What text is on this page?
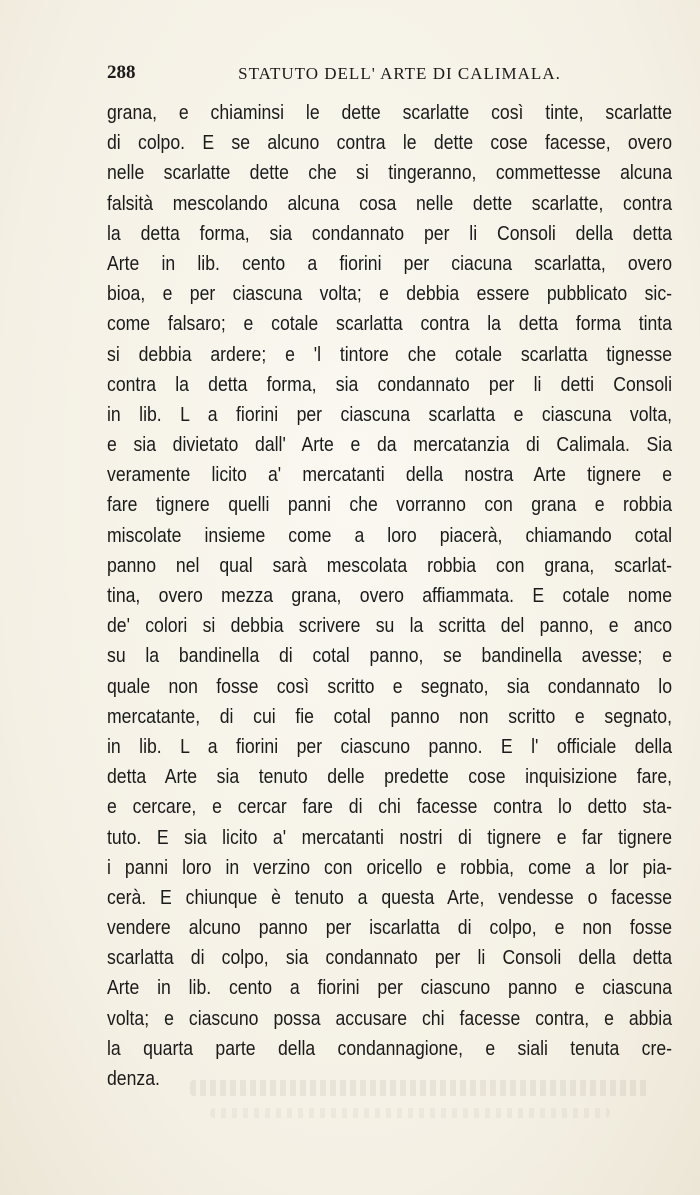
288	STATUTO DELL' ARTE DI CALIMALA.
grana, e chiaminsi le dette scarlatte così tinte, scarlatte
di colpo. E se alcuno contra le dette cose facesse, overo
nelle scarlatte dette che si tingeranno, commettesse alcuna
falsità mescolando alcuna cosa nelle dette scarlatte, contra
la detta forma, sia condannato per li Consoli della detta
Arte in lib. cento a fiorini per ciacuna scarlatta, overo
bioa, e per ciascuna volta; e debbia essere pubblicato sic-
come falsaro; e cotale scarlatta contra la detta forma tinta
si debbia ardere; e 'l tintore che cotale scarlatta tignesse
contra la detta forma, sia condannato per li detti Consoli
in lib. L a fiorini per ciascuna scarlatta e ciascuna volta,
e sia divietato dall' Arte e da mercatanzia di Calimala. Sia
veramente licito a' mercatanti della nostra Arte tignere e
fare tignere quelli panni che vorranno con grana e robbia
miscolate insieme come a loro piacerà, chiamando cotal
panno nel qual sarà mescolata robbia con grana, scarlat-
tina, overo mezza grana, overo affiammata. E cotale nome
de' colori si debbia scrivere su la scritta del panno, e anco
su la bandinella di cotal panno, se bandinella avesse; e
quale non fosse così scritto e segnato, sia condannato lo
mercatante, di cui fie cotal panno non scritto e segnato,
in lib. L a fiorini per ciascuno panno. E l' officiale della
detta Arte sia tenuto delle predette cose inquisizione fare,
e cercare, e cercar fare di chi facesse contra lo detto sta-
tuto. E sia licito a' mercatanti nostri di tignere e far tignere
i panni loro in verzino con oricello e robbia, come a lor pia-
cerà. E chiunque è tenuto a questa Arte, vendesse o facesse
vendere alcuno panno per iscarlatta di colpo, e non fosse
scarlatta di colpo, sia condannato per li Consoli della detta
Arte in lib. cento a fiorini per ciascuno panno e ciascuna
volta; e ciascuno possa accusare chi facesse contra, e abbia
la quarta parte della condannagione, e siali tenuta cre-
denza.
